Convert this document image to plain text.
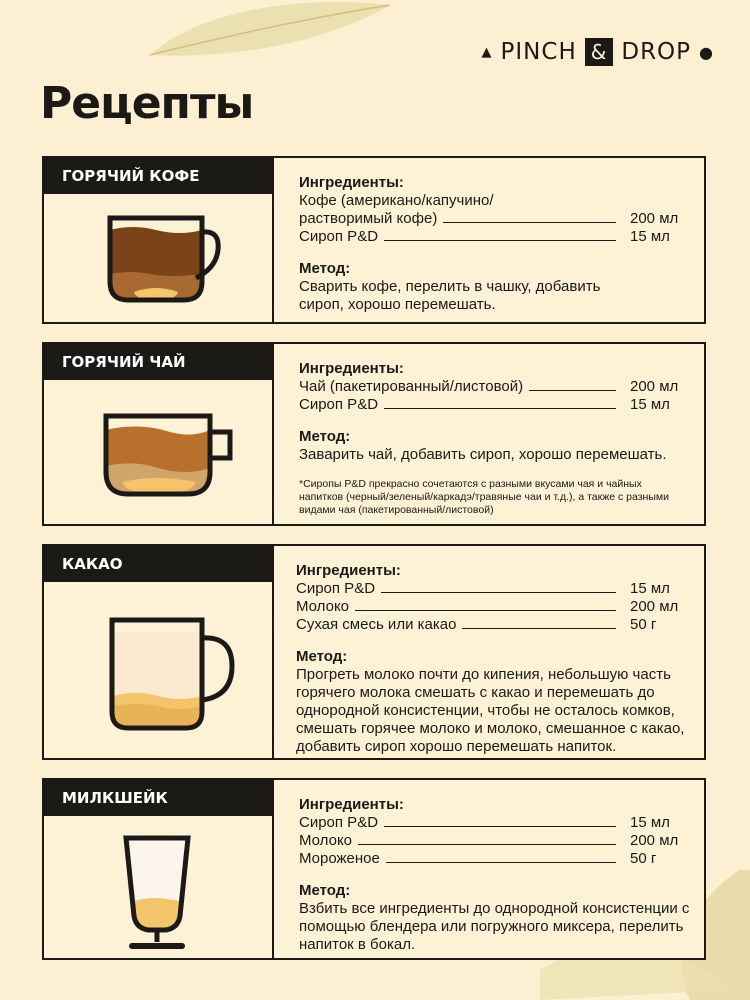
▲ PINCH & DROP ●
Рецепты
ГОРЯЧИЙ КОФЕ	Ингредиенты:
Кофе (американо/капучино/
растворимый кофе)	200 мл
Сироп P&D	15 мл
Метод:
Сварить кофе, перелить в чашку, добавить сироп, хорошо перемешать.
ГОРЯЧИЙ ЧАЙ	Ингредиенты:
Чай (пакетированный/листовой)	200 мл
Сироп P&D	15 мл
Метод:
Заварить чай, добавить сироп, хорошо перемешать.
*Сиропы P&D прекрасно сочетаются с разными вкусами чая и чайных напитков (черный/зеленый/каркадэ/травяные чаи и т.д.), а также с разными видами чая (пакетированный/листовой)
КАКАО	Ингредиенты:
Сироп P&D	15 мл
Молоко	200 мл
Сухая смесь или какао	50 г
Метод:
Прогреть молоко почти до кипения, небольшую часть горячего молока смешать с какао и перемешать до однородной консистенции, чтобы не осталось комков, смешать горячее молоко и молоко, смешанное с какао, добавить сироп хорошо перемешать напиток.
МИЛКШЕЙК	Ингредиенты:
Сироп P&D	15 мл
Молоко	200 мл
Мороженое	50 г
Метод:
Взбить все ингредиенты до однородной консистенции с помощью блендера или погружного миксера, перелить напиток в бокал.
